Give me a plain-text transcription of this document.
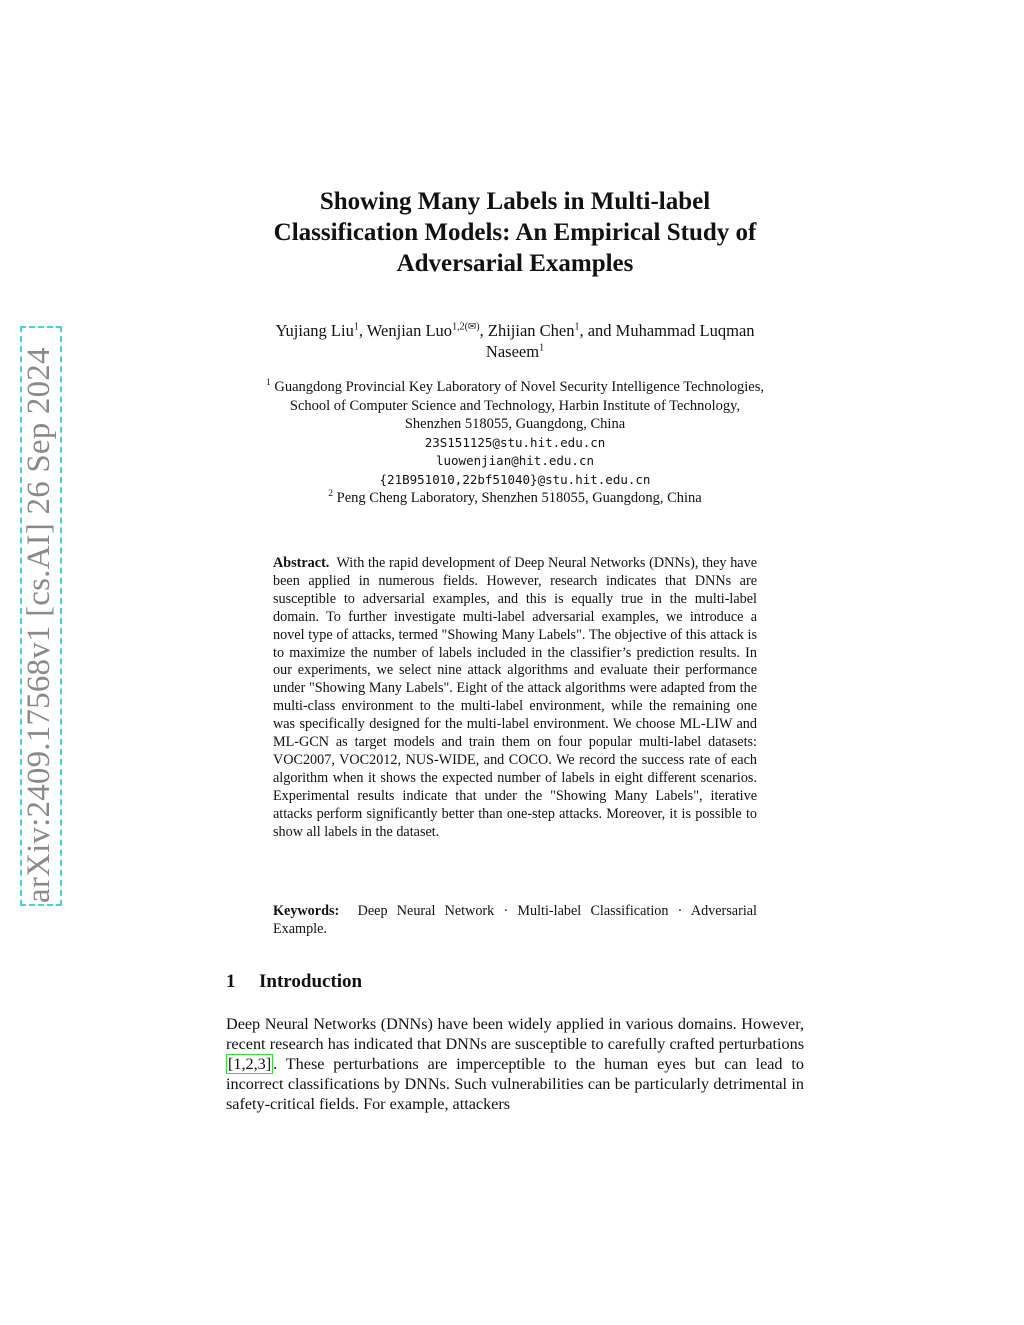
arXiv:2409.17568v1 [cs.AI] 26 Sep 2024
Showing Many Labels in Multi-label
Classification Models: An Empirical Study of
Adversarial Examples
Yujiang Liu$^1$, Wenjian Luo$^{1,2(✉)}$, Zhijian Chen$^1$, and Muhammad Luqman
Naseem$^1$
$^1$ Guangdong Provincial Key Laboratory of Novel Security Intelligence Technologies,
School of Computer Science and Technology, Harbin Institute of Technology,
Shenzhen 518055, Guangdong, China
23S151125@stu.hit.edu.cn
luowenjian@hit.edu.cn
{21B951010,22bf51040}@stu.hit.edu.cn
$^2$ Peng Cheng Laboratory, Shenzhen 518055, Guangdong, China

Abstract. With the rapid development of Deep Neural Networks (DNNs), they have been applied in numerous fields. However, research indicates that DNNs are susceptible to adversarial examples, and this is equally true in the multi-label domain. To further investigate multi-label adversarial examples, we introduce a novel type of attacks, termed "Showing Many Labels". The objective of this attack is to maximize the number of labels included in the classifier’s prediction results. In our experiments, we select nine attack algorithms and evaluate their performance under "Showing Many Labels". Eight of the attack algorithms were adapted from the multi-class environment to the multi-label environment, while the remaining one was specifically designed for the multi-label environment. We choose ML-LIW and ML-GCN as target models and train them on four popular multi-label datasets: VOC2007, VOC2012, NUS-WIDE, and COCO. We record the success rate of each algorithm when it shows the expected number of labels in eight different scenarios. Experimental results indicate that under the "Showing Many Labels", iterative attacks perform significantly better than one-step attacks. Moreover, it is possible to show all labels in the dataset.

Keywords: Deep Neural Network · Multi-label Classification · Adversarial Example.
1 Introduction

Deep Neural Networks (DNNs) have been widely applied in various domains. However, recent research has indicated that DNNs are susceptible to carefully crafted perturbations [1,2,3] . These perturbations are imperceptible to the human eyes but can lead to incorrect classifications by DNNs. Such vulnerabilities can be particularly detrimental in safety-critical fields. For example, attackers
